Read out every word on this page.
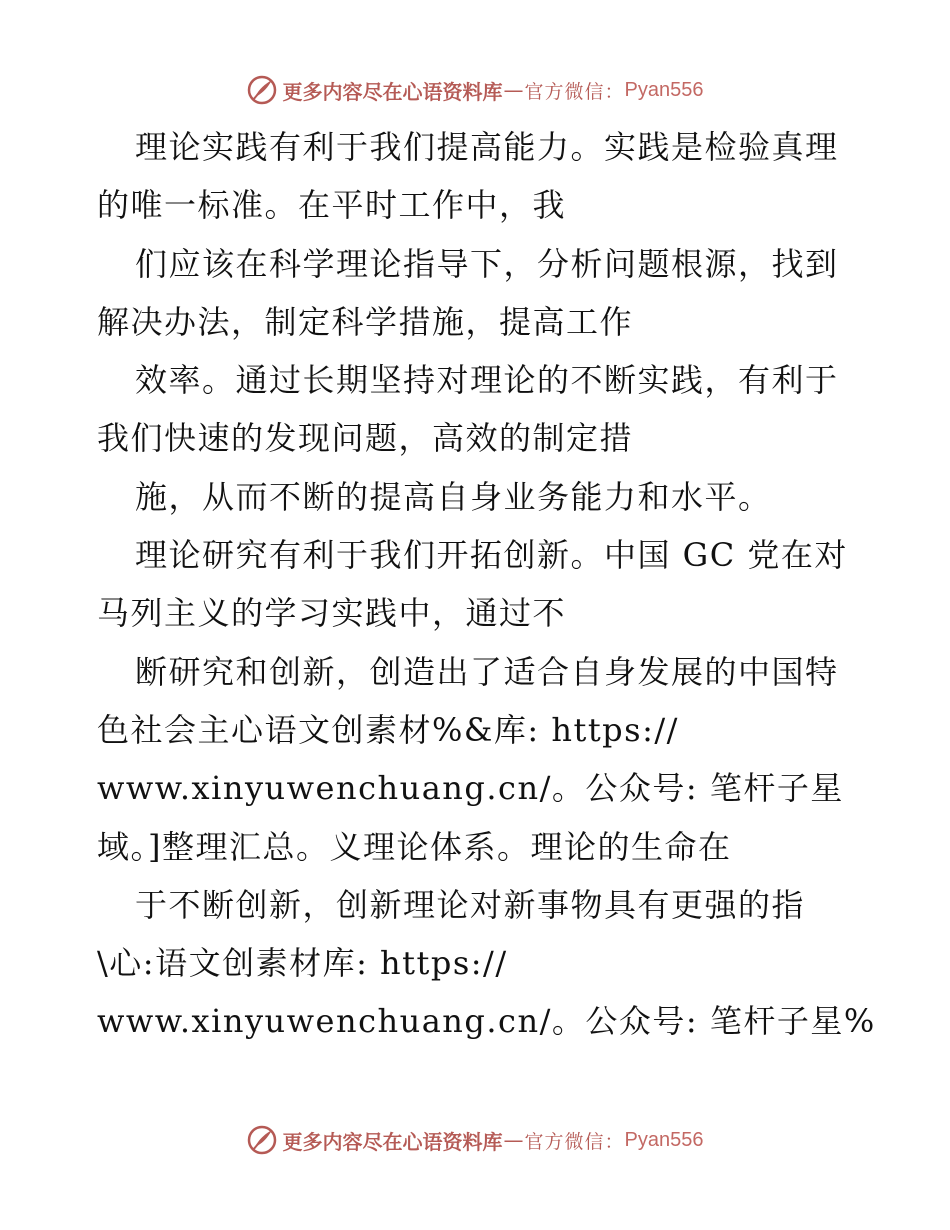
更多内容尽在心语资料库 — 官方微信： Pyan556
理论实践有利于我们提高能力。实践是检验真理
的唯一标准。在平时工作中，我
们应该在科学理论指导下，分析问题根源，找到
解决办法，制定科学措施，提高工作
效率。通过长期坚持对理论的不断实践，有利于
我们快速的发现问题，高效的制定措
施，从而不断的提高自身业务能力和水平。
理论研究有利于我们开拓创新。中国 GC 党在对
马列主义的学习实践中，通过不
断研究和创新，创造出了适合自身发展的中国特
色社会主心语文创素材%&库: https://
www.xinyuwenchuang.cn/。公众号: 笔杆子星
域。]整理汇总。义理论体系。理论的生命在
于不断创新，创新理论对新事物具有更强的指
\心:语文创素材库: https://
www.xinyuwenchuang.cn/。公众号: 笔杆子星%
更多内容尽在心语资料库 — 官方微信： Pyan556
